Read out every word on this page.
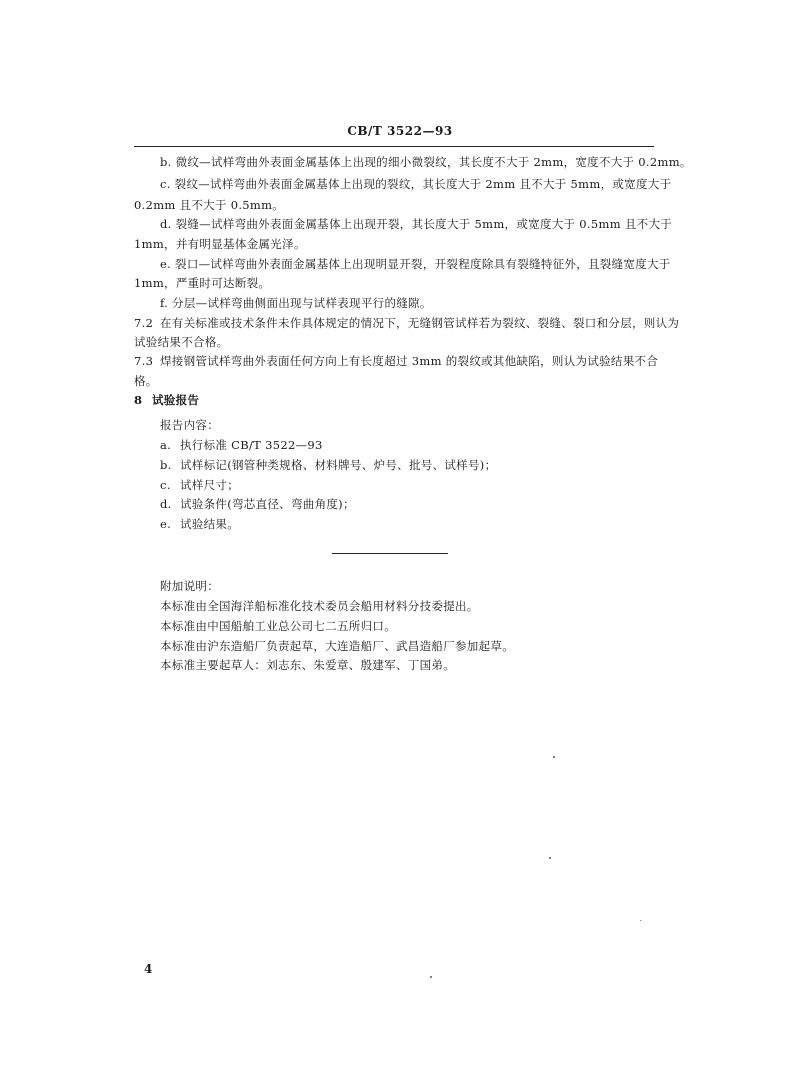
CB/T 3522—93
b. 微纹—试样弯曲外表面金属基体上出现的细小微裂纹，其长度不大于 2mm，宽度不大于 0.2mm。
c. 裂纹—试样弯曲外表面金属基体上出现的裂纹，其长度大于 2mm 且不大于 5mm，或宽度大于
0.2mm 且不大于 0.5mm。
d. 裂缝—试样弯曲外表面金属基体上出现开裂，其长度大于 5mm，或宽度大于 0.5mm 且不大于
1mm，并有明显基体金属光泽。
e. 裂口—试样弯曲外表面金属基体上出现明显开裂，开裂程度除具有裂缝特征外，且裂缝宽度大于
1mm，严重时可达断裂。
f. 分层—试样弯曲侧面出现与试样表现平行的缝隙。
7.2 在有关标准或技术条件未作具体规定的情况下，无缝钢管试样若为裂纹、裂缝、裂口和分层，则认为
试验结果不合格。
7.3 焊接钢管试样弯曲外表面任何方向上有长度超过 3mm 的裂纹或其他缺陷，则认为试验结果不合
格。
8 试验报告
报告内容：
a. 执行标准 CB/T 3522—93
b. 试样标记(钢管种类规格、材料牌号、炉号、批号、试样号)；
c. 试样尺寸；
d. 试验条件(弯芯直径、弯曲角度)；
e. 试验结果。
附加说明：
本标准由全国海洋船标准化技术委员会船用材料分技委提出。
本标准由中国船舶工业总公司七二五所归口。
本标准由沪东造船厂负责起草，大连造船厂、武昌造船厂参加起草。
本标准主要起草人：刘志东、朱爱章、殷建军、丁国弟。
4
